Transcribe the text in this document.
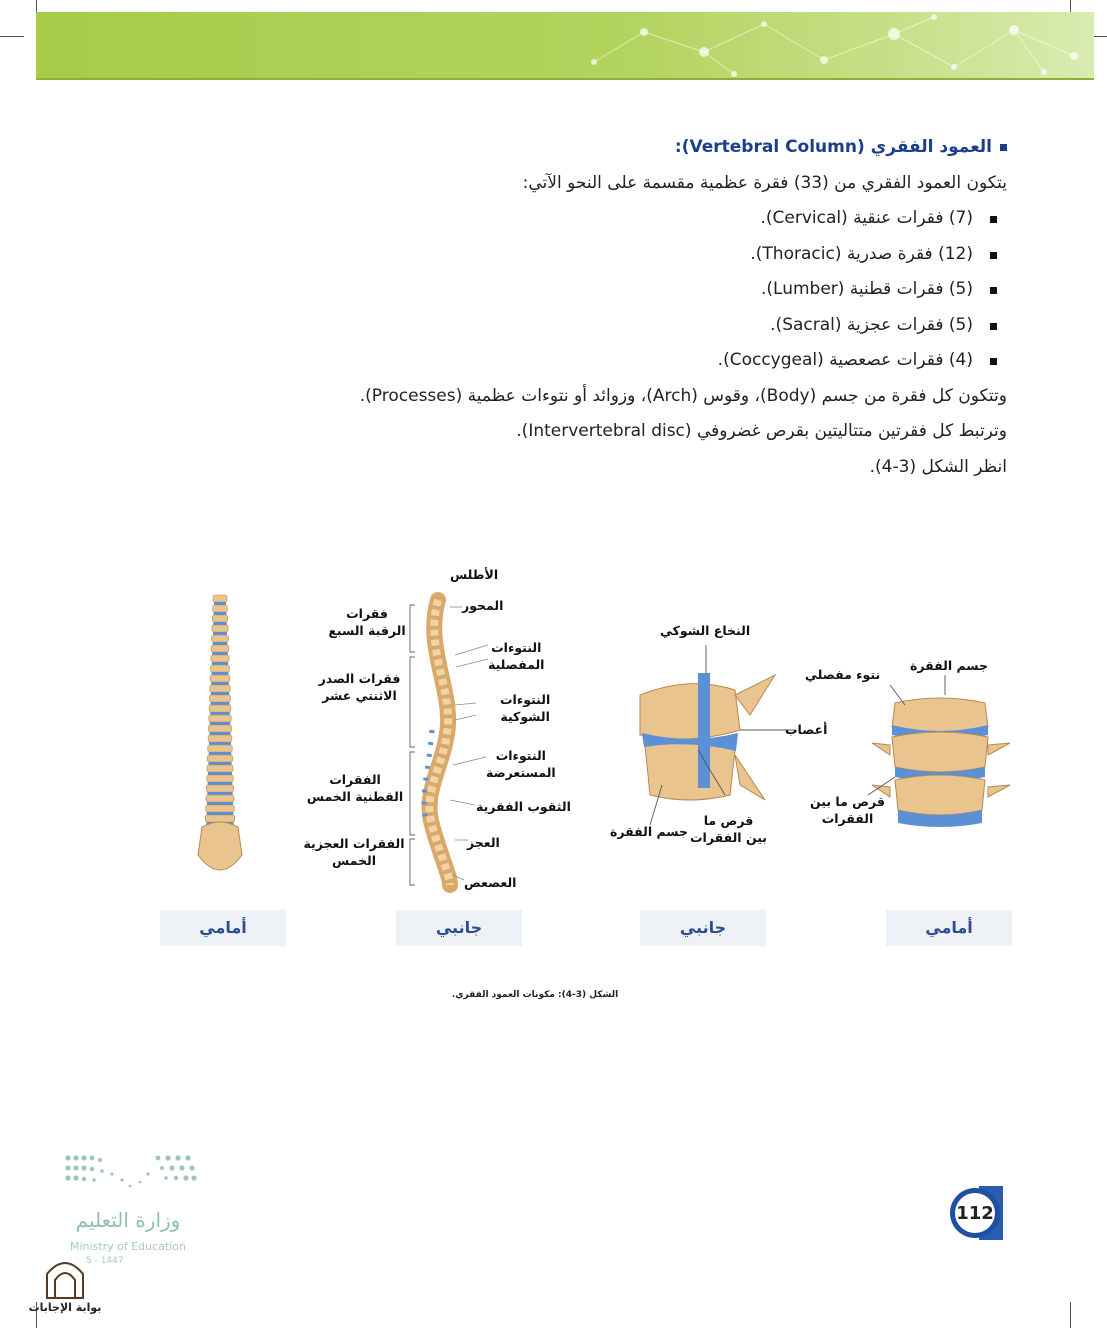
العمود الفقري (Vertebral Column):

يتكون العمود الفقري من (33) فقرة عظمية مقسمة على النحو الآتي:

(7) فقرات عنقية (Cervical).
(12) فقرة صدرية (Thoracic).
(5) فقرات قطنية (Lumber).
(5) فقرات عجزية (Sacral).
(4) فقرات عصعصية (Coccygeal).

وتتكون كل فقرة من جسم (Body)، وقوس (Arch)، وزوائد أو نتوءات عظمية (Processes).

وترتبط كل فقرتين متتاليتين بقرص غضروفي (Intervertebral disc).

انظر الشكل (3-4).

الأطلس
المحور
فقرات
الرقبة السبع
النتوءات
المفصلية
فقرات الصدر
الاثنتي عشر	النتوءات
الشوكية
النتوءات
المستعرضة
الفقرات
القطنية الخمس
الثقوب الفقرية
الفقرات العجزية
الخمس
العجز
العصعص
النخاع الشوكي
أعصاب
قرص ما
بين الفقرات
جسم الفقرة
جسم الفقرة
نتوء مفصلي
قرص ما بين
الفقرات
أمامي	جانبي	جانبي	أمامي
الشكل (3-4): مكونات العمود الفقري.
112
وزارة التعليم
Ministry of Education
5 - 1447
بوابة الإجابات
